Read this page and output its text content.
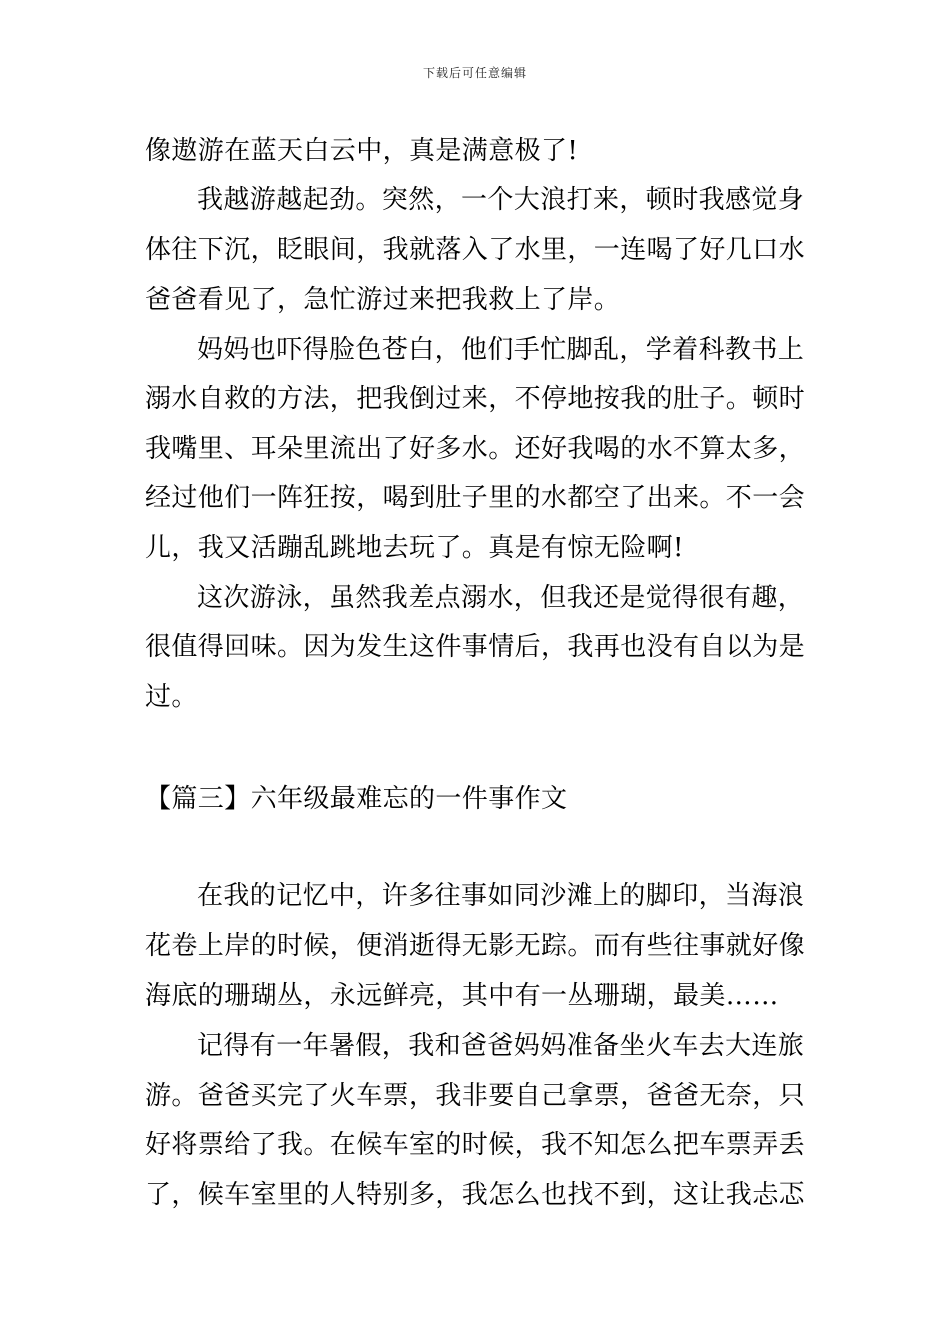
下载后可任意编辑
像遨游在蓝天白云中，真是满意极了!
我越游越起劲。突然，一个大浪打来，顿时我感觉身
体往下沉，眨眼间，我就落入了水里，一连喝了好几口水
爸爸看见了，急忙游过来把我救上了岸。
妈妈也吓得脸色苍白，他们手忙脚乱，学着科教书上
溺水自救的方法，把我倒过来，不停地按我的肚子。顿时
我嘴里、耳朵里流出了好多水。还好我喝的水不算太多，
经过他们一阵狂按，喝到肚子里的水都空了出来。不一会
儿，我又活蹦乱跳地去玩了。真是有惊无险啊!
这次游泳，虽然我差点溺水，但我还是觉得很有趣，
很值得回味。因为发生这件事情后，我再也没有自以为是
过。
【篇三】六年级最难忘的一件事作文
在我的记忆中，许多往事如同沙滩上的脚印，当海浪
花卷上岸的时候，便消逝得无影无踪。而有些往事就好像
海底的珊瑚丛，永远鲜亮，其中有一丛珊瑚，最美……
记得有一年暑假，我和爸爸妈妈准备坐火车去大连旅
游。爸爸买完了火车票，我非要自己拿票，爸爸无奈，只
好将票给了我。在候车室的时候，我不知怎么把车票弄丢
了，候车室里的人特别多，我怎么也找不到，这让我忐忑
